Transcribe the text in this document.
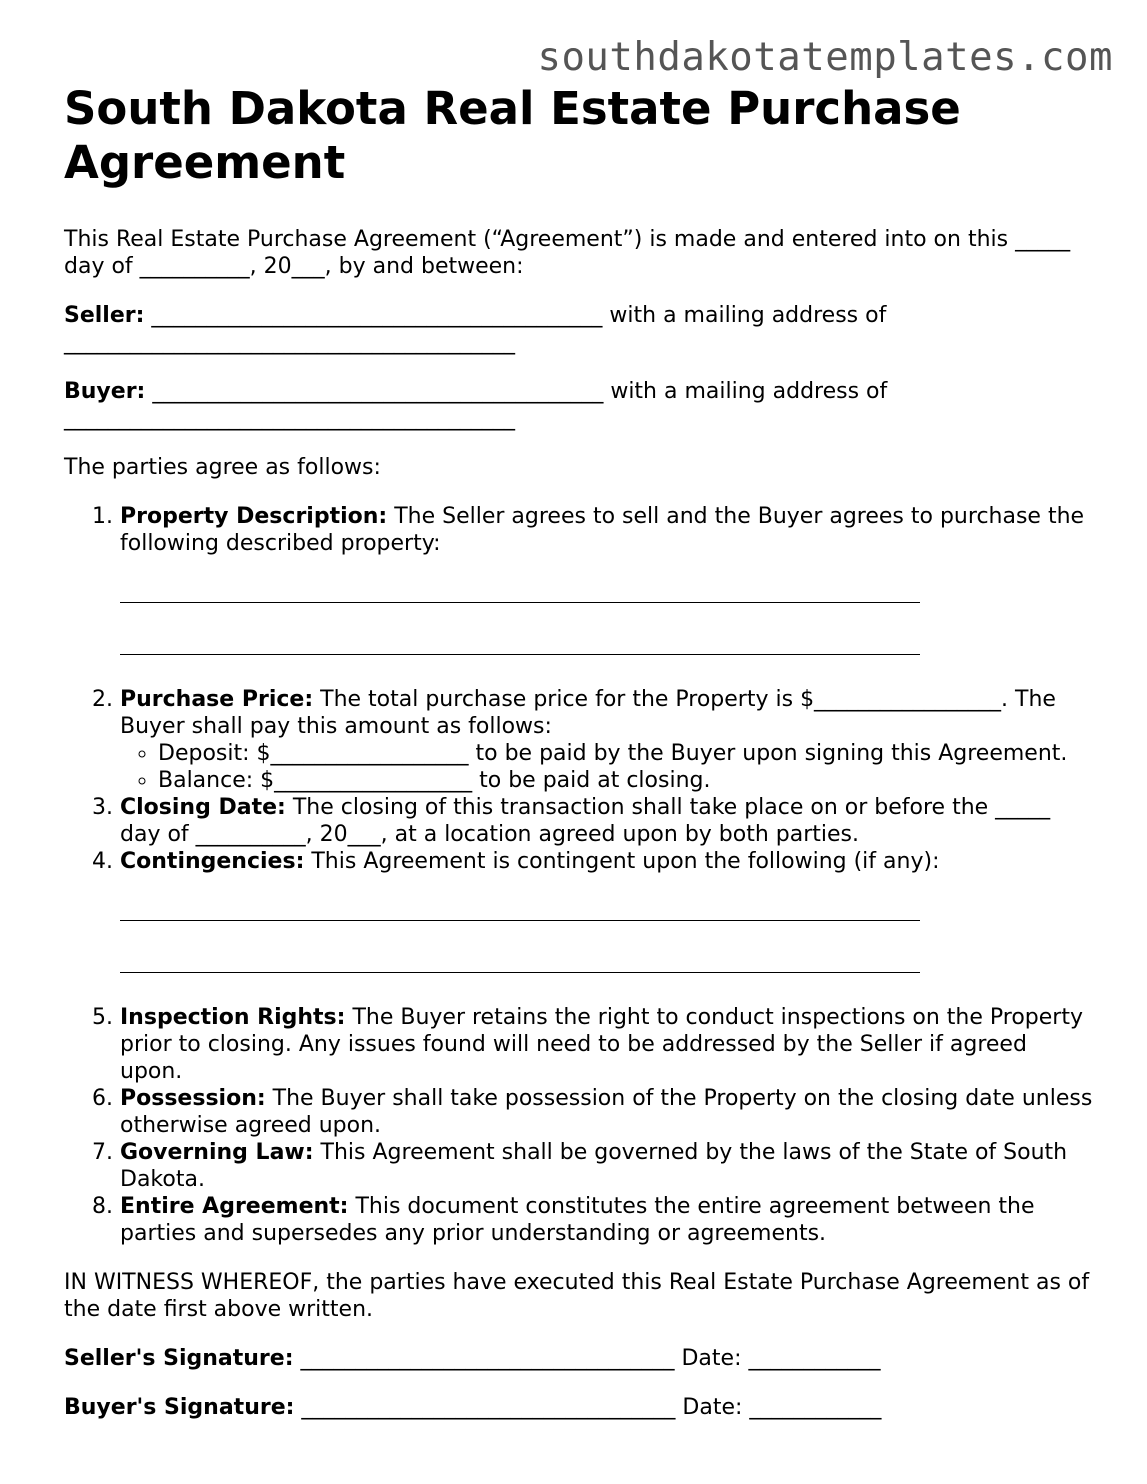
southdakotatemplates.com
South Dakota Real Estate Purchase Agreement

This Real Estate Purchase Agreement (“Agreement”) is made and entered into on this _____ day of __________, 20___, by and between:

Seller: _________________________________________ with a mailing address of _________________________________________

Buyer: _________________________________________ with a mailing address of _________________________________________

The parties agree as follows:

1. Property Description: The Seller agrees to sell and the Buyer agrees to purchase the following described property:
2. Purchase Price: The total purchase price for the Property is $_________________. The Buyer shall pay this amount as follows:
◦ Deposit: $__________________ to be paid by the Buyer upon signing this Agreement.
◦ Balance: $__________________ to be paid at closing.
3. Closing Date: The closing of this transaction shall take place on or before the _____ day of __________, 20___, at a location agreed upon by both parties.
4. Contingencies: This Agreement is contingent upon the following (if any):
5. Inspection Rights: The Buyer retains the right to conduct inspections on the Property prior to closing. Any issues found will need to be addressed by the Seller if agreed upon.
6. Possession: The Buyer shall take possession of the Property on the closing date unless otherwise agreed upon.
7. Governing Law: This Agreement shall be governed by the laws of the State of South Dakota.
8. Entire Agreement: This document constitutes the entire agreement between the parties and supersedes any prior understanding or agreements.

IN WITNESS WHEREOF, the parties have executed this Real Estate Purchase Agreement as of the date first above written.

Seller's Signature: __________________________________ Date: ____________

Buyer's Signature: __________________________________ Date: ____________
